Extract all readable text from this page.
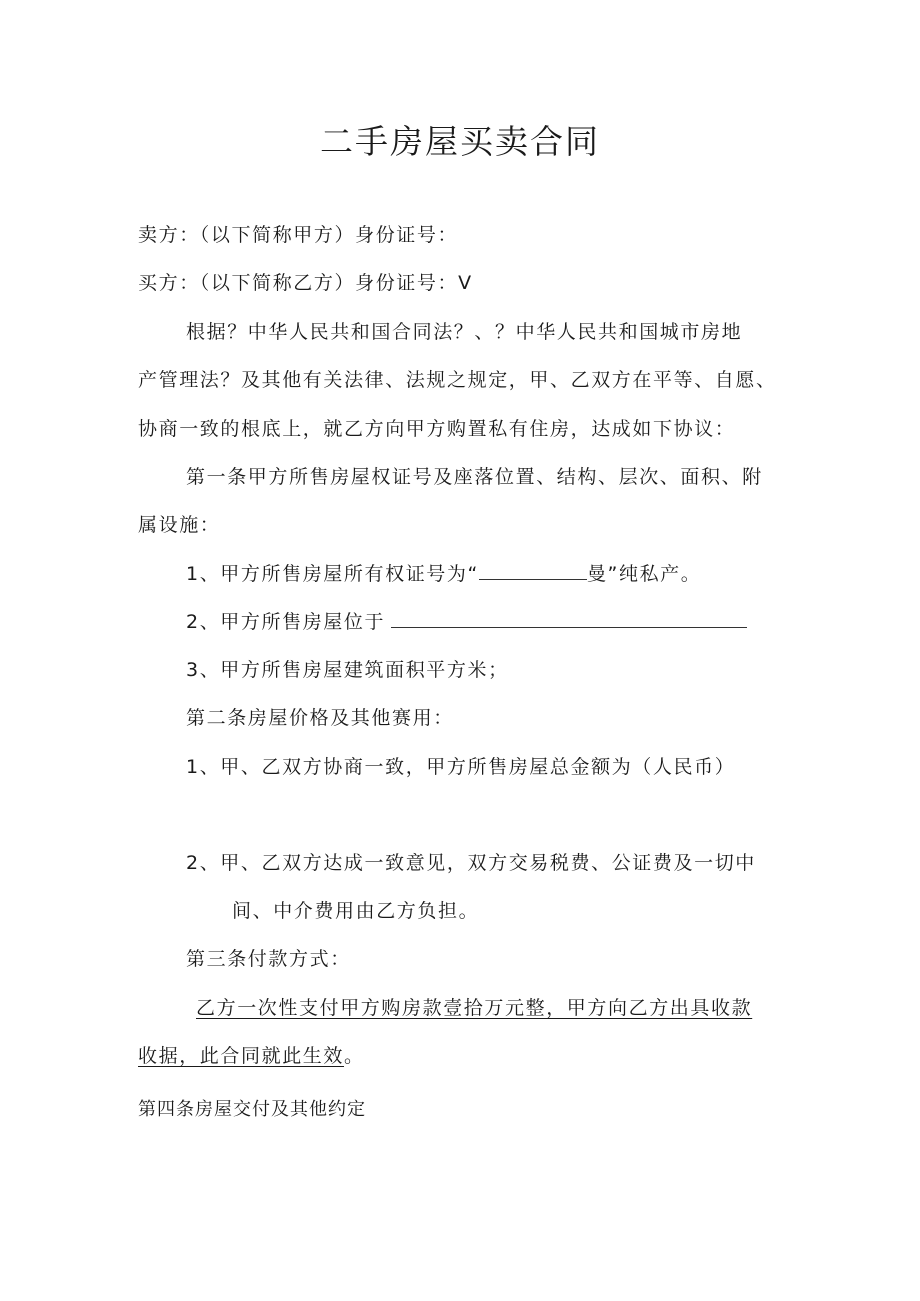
二手房屋买卖合同
卖方：（以下简称甲方）身份证号：
买方：（以下简称乙方）身份证号：V
根据？中华人民共和国合同法？、？中华人民共和国城市房地
产管理法？及其他有关法律、法规之规定，甲、乙双方在平等、自愿、
协商一致的根底上，就乙方向甲方购置私有住房，达成如下协议：
第一条甲方所售房屋权证号及座落位置、结构、层次、面积、附
属设施：
1、甲方所售房屋所有权证号为“	曼”纯私产。
2、甲方所售房屋位于
3、甲方所售房屋建筑面积平方米；
第二条房屋价格及其他赛用：
1、甲、乙双方协商一致，甲方所售房屋总金额为（人民币）
2、甲、乙双方达成一致意见，双方交易税费、公证费及一切中
间、中介费用由乙方负担。
第三条付款方式：
乙方一次性支付甲方购房款壹拾万元整，甲方向乙方出具收款
收据，此合同就此生效。
第四条房屋交付及其他约定
